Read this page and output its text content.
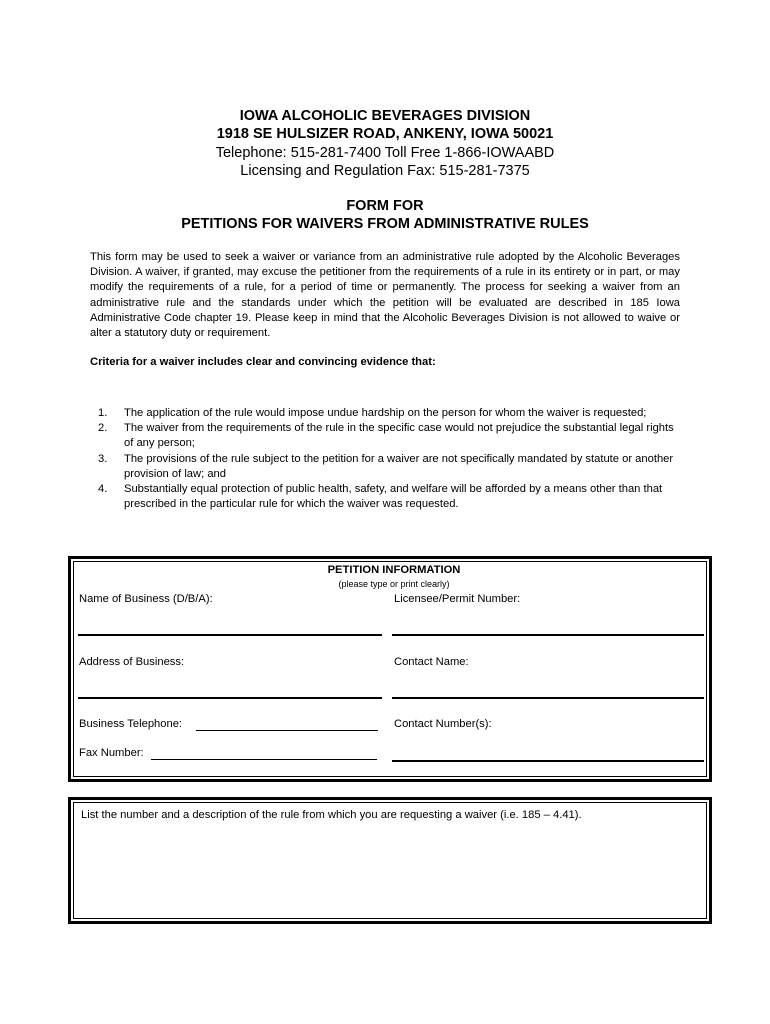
IOWA ALCOHOLIC BEVERAGES DIVISION
1918 SE HULSIZER ROAD, ANKENY, IOWA 50021
Telephone: 515-281-7400 Toll Free 1-866-IOWAABD
Licensing and Regulation Fax: 515-281-7375
FORM FOR
PETITIONS FOR WAIVERS FROM ADMINISTRATIVE RULES
This form may be used to seek a waiver or variance from an administrative rule adopted by the Alcoholic Beverages Division. A waiver, if granted, may excuse the petitioner from the requirements of a rule in its entirety or in part, or may modify the requirements of a rule, for a period of time or permanently. The process for seeking a waiver from an administrative rule and the standards under which the petition will be evaluated are described in 185 Iowa Administrative Code chapter 19. Please keep in mind that the Alcoholic Beverages Division is not allowed to waive or alter a statutory duty or requirement.
Criteria for a waiver includes clear and convincing evidence that:
1. The application of the rule would impose undue hardship on the person for whom the waiver is requested;
2. The waiver from the requirements of the rule in the specific case would not prejudice the substantial legal rights of any person;
3. The provisions of the rule subject to the petition for a waiver are not specifically mandated by statute or another provision of law; and
4. Substantially equal protection of public health, safety, and welfare will be afforded by a means other than that prescribed in the particular rule for which the waiver was requested.
PETITION INFORMATION
(please type or print clearly)
Name of Business (D/B/A):	Licensee/Permit Number:
Address of Business:	Contact Name:
Business Telephone:	Contact Number(s):
Fax Number:
List the number and a description of the rule from which you are requesting a waiver (i.e. 185 – 4.41).
